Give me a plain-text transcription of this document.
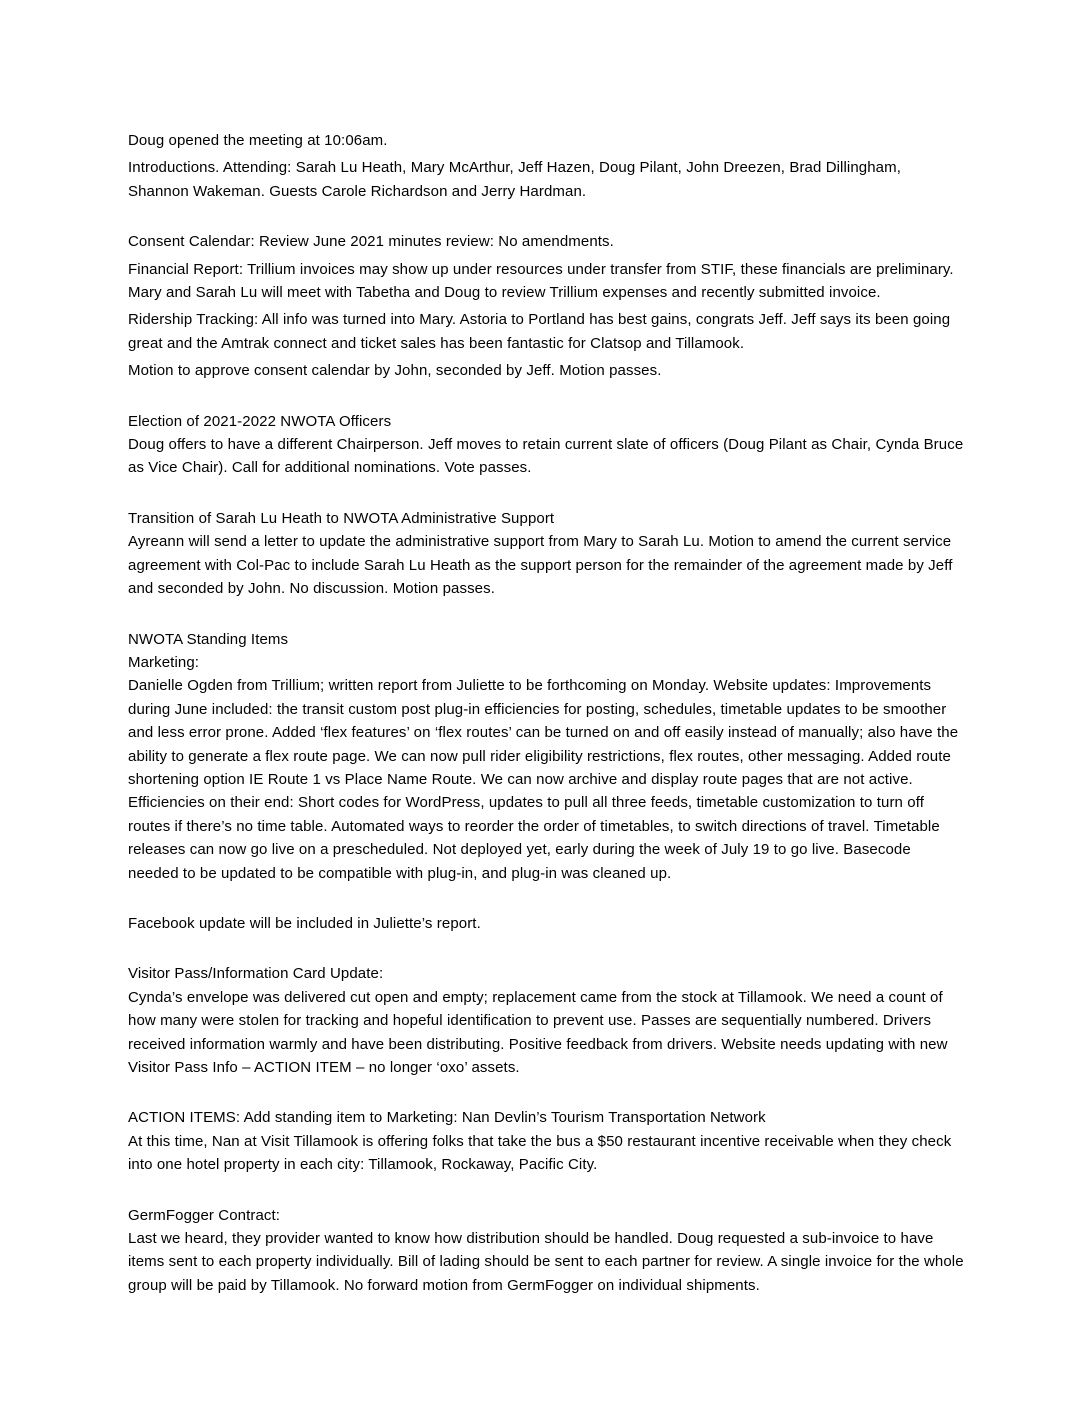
Doug opened the meeting at 10:06am.
Introductions. Attending: Sarah Lu Heath, Mary McArthur, Jeff Hazen, Doug Pilant, John Dreezen, Brad Dillingham, Shannon Wakeman. Guests Carole Richardson and Jerry Hardman.
Consent Calendar: Review June 2021 minutes review: No amendments.
Financial Report: Trillium invoices may show up under resources under transfer from STIF, these financials are preliminary. Mary and Sarah Lu will meet with Tabetha and Doug to review Trillium expenses and recently submitted invoice.
Ridership Tracking: All info was turned into Mary. Astoria to Portland has best gains, congrats Jeff. Jeff says its been going great and the Amtrak connect and ticket sales has been fantastic for Clatsop and Tillamook.
Motion to approve consent calendar by John, seconded by Jeff. Motion passes.
Election of 2021-2022 NWOTA Officers
Doug offers to have a different Chairperson. Jeff moves to retain current slate of officers (Doug Pilant as Chair, Cynda Bruce as Vice Chair). Call for additional nominations. Vote passes.
Transition of Sarah Lu Heath to NWOTA Administrative Support
Ayreann will send a letter to update the administrative support from Mary to Sarah Lu. Motion to amend the current service agreement with Col-Pac to include Sarah Lu Heath as the support person for the remainder of the agreement made by Jeff and seconded by John. No discussion. Motion passes.
NWOTA Standing Items
Marketing:
Danielle Ogden from Trillium; written report from Juliette to be forthcoming on Monday. Website updates: Improvements during June included: the transit custom post plug-in efficiencies for posting, schedules, timetable updates to be smoother and less error prone. Added ‘flex features’ on ‘flex routes’ can be turned on and off easily instead of manually; also have the ability to generate a flex route page. We can now pull rider eligibility restrictions, flex routes, other messaging. Added route shortening option IE Route 1 vs Place Name Route. We can now archive and display route pages that are not active. Efficiencies on their end: Short codes for WordPress, updates to pull all three feeds, timetable customization to turn off routes if there’s no time table. Automated ways to reorder the order of timetables, to switch directions of travel. Timetable releases can now go live on a prescheduled. Not deployed yet, early during the week of July 19 to go live. Basecode needed to be updated to be compatible with plug-in, and plug-in was cleaned up.
Facebook update will be included in Juliette’s report.
Visitor Pass/Information Card Update:
Cynda’s envelope was delivered cut open and empty; replacement came from the stock at Tillamook. We need a count of how many were stolen for tracking and hopeful identification to prevent use. Passes are sequentially numbered. Drivers received information warmly and have been distributing. Positive feedback from drivers. Website needs updating with new Visitor Pass Info – ACTION ITEM – no longer ‘oxo’ assets.
ACTION ITEMS: Add standing item to Marketing: Nan Devlin’s Tourism Transportation Network
At this time, Nan at Visit Tillamook is offering folks that take the bus a $50 restaurant incentive receivable when they check into one hotel property in each city: Tillamook, Rockaway, Pacific City.
GermFogger Contract:
Last we heard, they provider wanted to know how distribution should be handled. Doug requested a sub-invoice to have items sent to each property individually. Bill of lading should be sent to each partner for review. A single invoice for the whole group will be paid by Tillamook. No forward motion from GermFogger on individual shipments.
